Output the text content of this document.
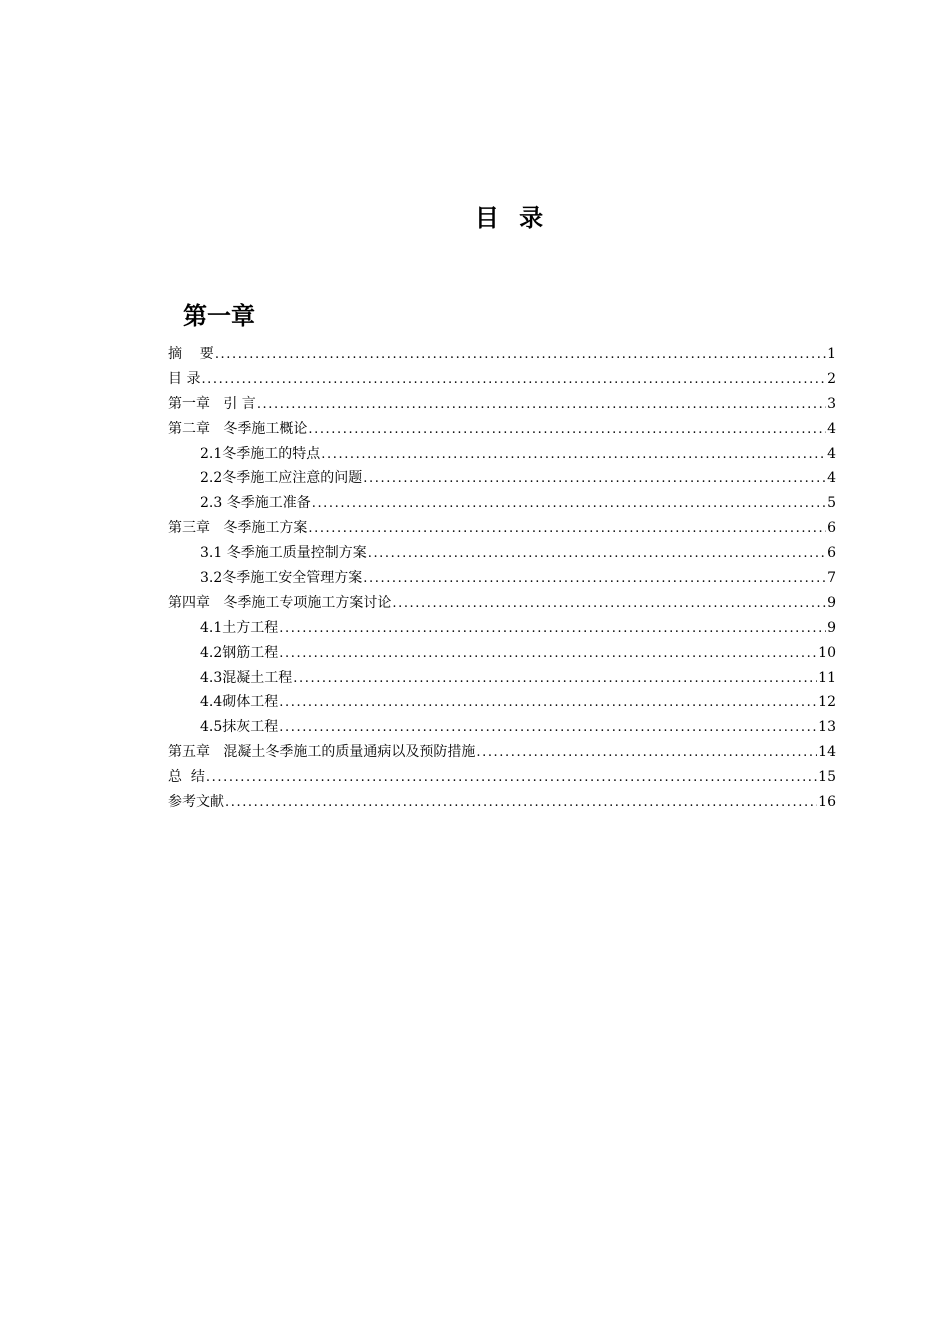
目 录
第一章
摘    要 .....	1
目 录 .....	2
第一章   引 言 .....	3
第二章   冬季施工概论 .....	4
2.1冬季施工的特点 .....	4
2.2冬季施工应注意的问题 .....	4
2.3 冬季施工准备 .....	5
第三章   冬季施工方案 .....	6
3.1 冬季施工质量控制方案 .....	6
3.2冬季施工安全管理方案 .....	7
第四章   冬季施工专项施工方案讨论 .....	9
4.1土方工程 .....	9
4.2钢筋工程 .....	10
4.3混凝土工程 .....	11
4.4砌体工程 .....	12
4.5抹灰工程 .....	13
第五章   混凝土冬季施工的质量通病以及预防措施 .....	14
总  结 .....	15
参考文献 .....	16
